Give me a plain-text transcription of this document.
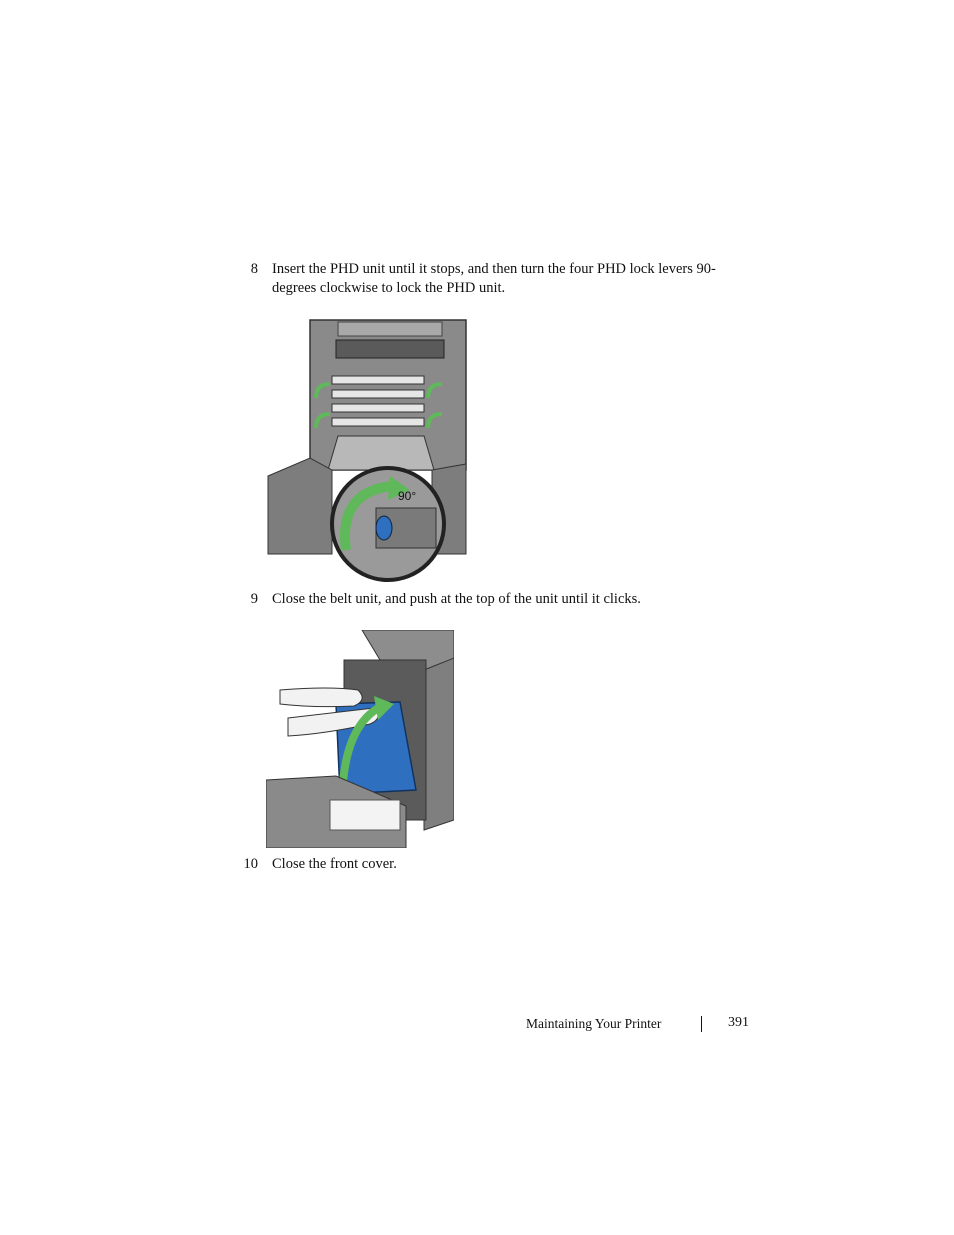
8 Insert the PHD unit until it stops, and then turn the four PHD lock levers 90-degrees clockwise to lock the PHD unit.
90°
9 Close the belt unit, and push at the top of the unit until it clicks.
10 Close the front cover.
Maintaining Your Printer	391
